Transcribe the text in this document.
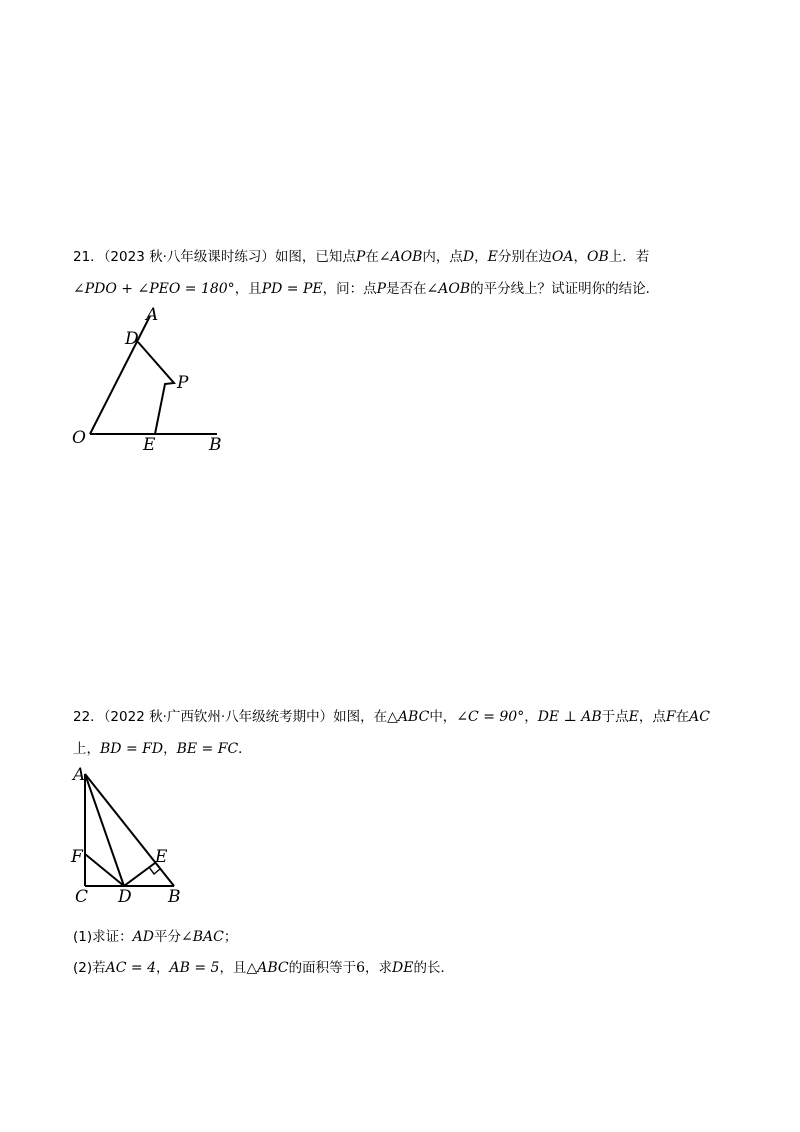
21．（2023 秋·八年级课时练习）如图，已知点P在∠AOB内，点D，E分别在边OA，OB上．若

∠PDO + ∠PEO = 180°，且PD = PE，问：点P是否在∠AOB的平分线上？试证明你的结论．

A
D
P
O	E	B

22．（2022 秋·广西钦州·八年级统考期中）如图，在△ABC中，∠C = 90°，DE ⊥ AB于点E，点F在AC

上，BD = FD，BE = FC．

A
F	E
C D B

(1)求证：AD平分∠BAC；

(2)若AC = 4，AB = 5，且△ABC的面积等于6，求DE的长．
